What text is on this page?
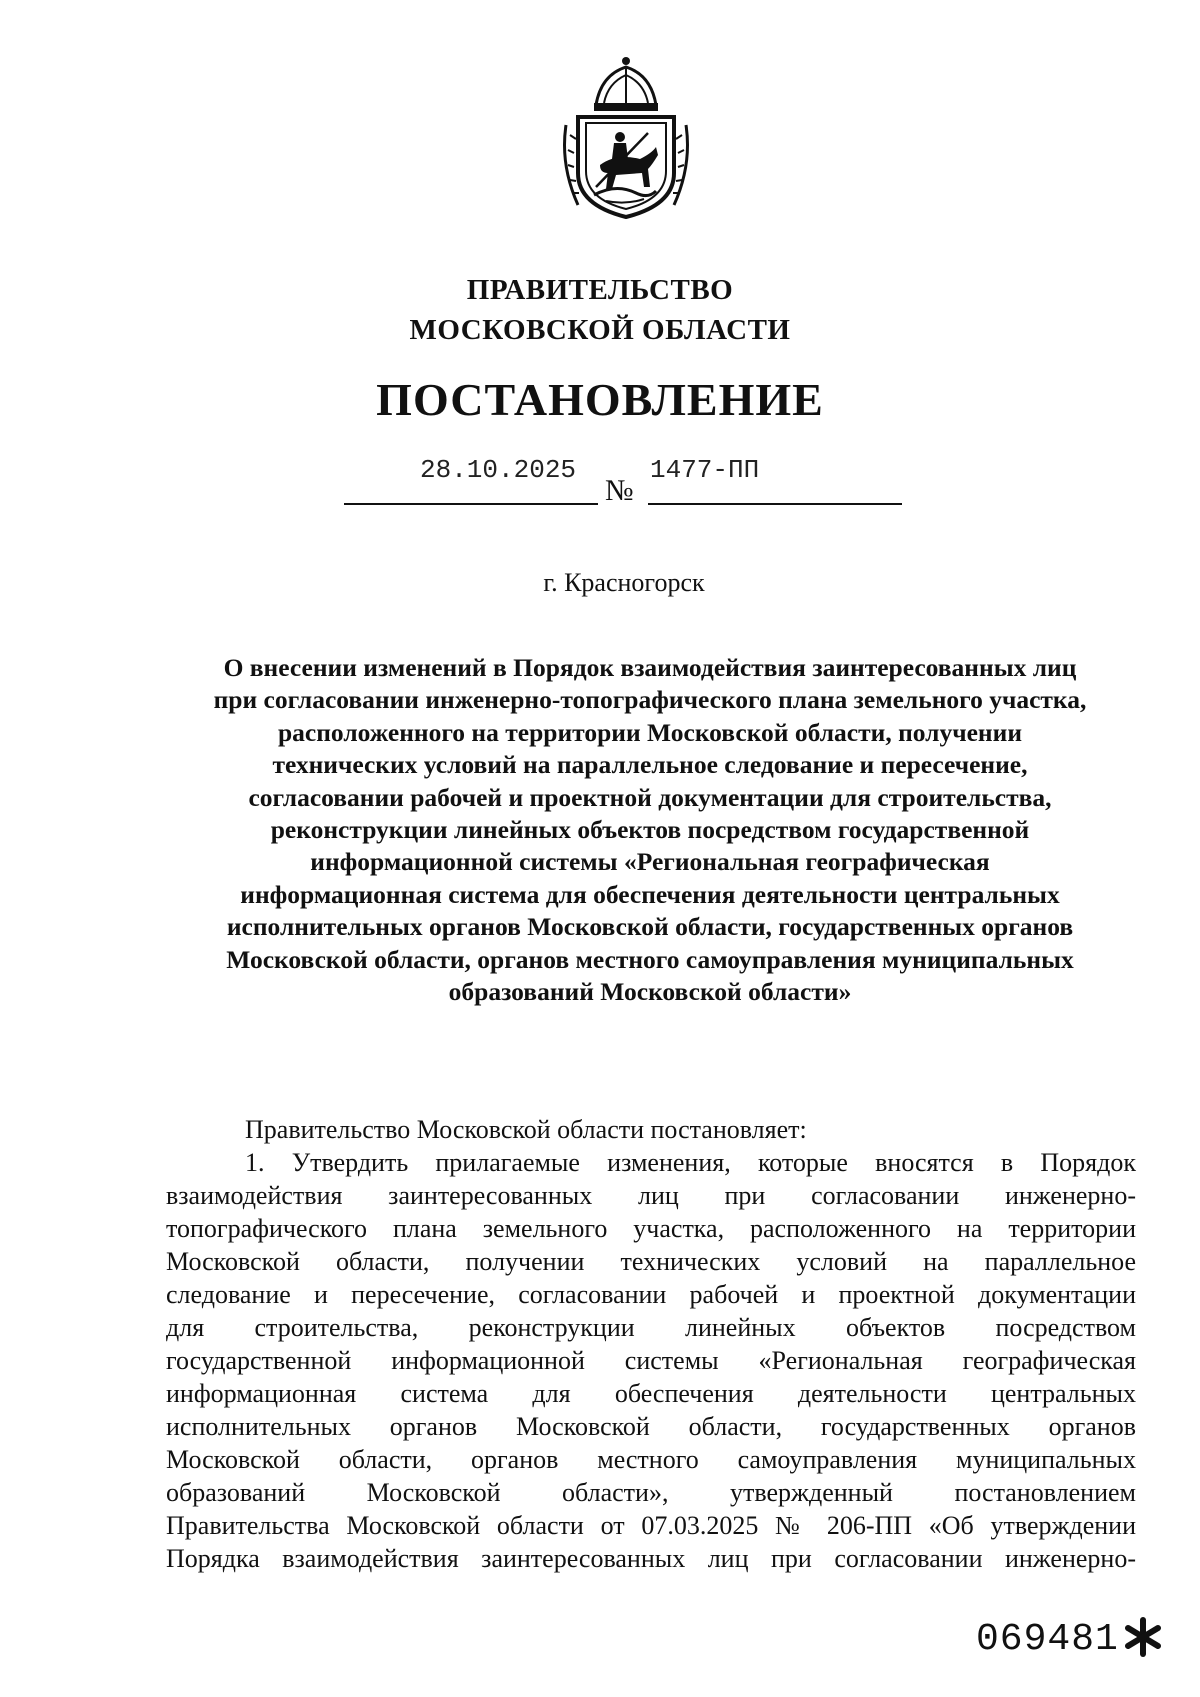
ПРАВИТЕЛЬСТВО
МОСКОВСКОЙ ОБЛАСТИ
ПОСТАНОВЛЕНИЕ
28.10.2025
№
1477-ПП
г. Красногорск
О внесении изменений в Порядок взаимодействия заинтересованных лиц
при согласовании инженерно-топографического плана земельного участка,
расположенного на территории Московской области, получении
технических условий на параллельное следование и пересечение,
согласовании рабочей и проектной документации для строительства,
реконструкции линейных объектов посредством государственной
информационной системы «Региональная географическая
информационная система для обеспечения деятельности центральных
исполнительных органов Московской области, государственных органов
Московской области, органов местного самоуправления муниципальных
образований Московской области»
Правительство Московской области постановляет:
1. Утвердить прилагаемые изменения, которые вносятся в Порядок
взаимодействия заинтересованных лиц при согласовании инженерно-
топографического плана земельного участка, расположенного на территории
Московской области, получении технических условий на параллельное
следование и пересечение, согласовании рабочей и проектной документации
для строительства, реконструкции линейных объектов посредством
государственной информационной системы «Региональная географическая
информационная система для обеспечения деятельности центральных
исполнительных органов Московской области, государственных органов
Московской области, органов местного самоуправления муниципальных
образований Московской области», утвержденный постановлением
Правительства Московской области от 07.03.2025 № 206-ПП «Об утверждении
Порядка взаимодействия заинтересованных лиц при согласовании инженерно-
069481
